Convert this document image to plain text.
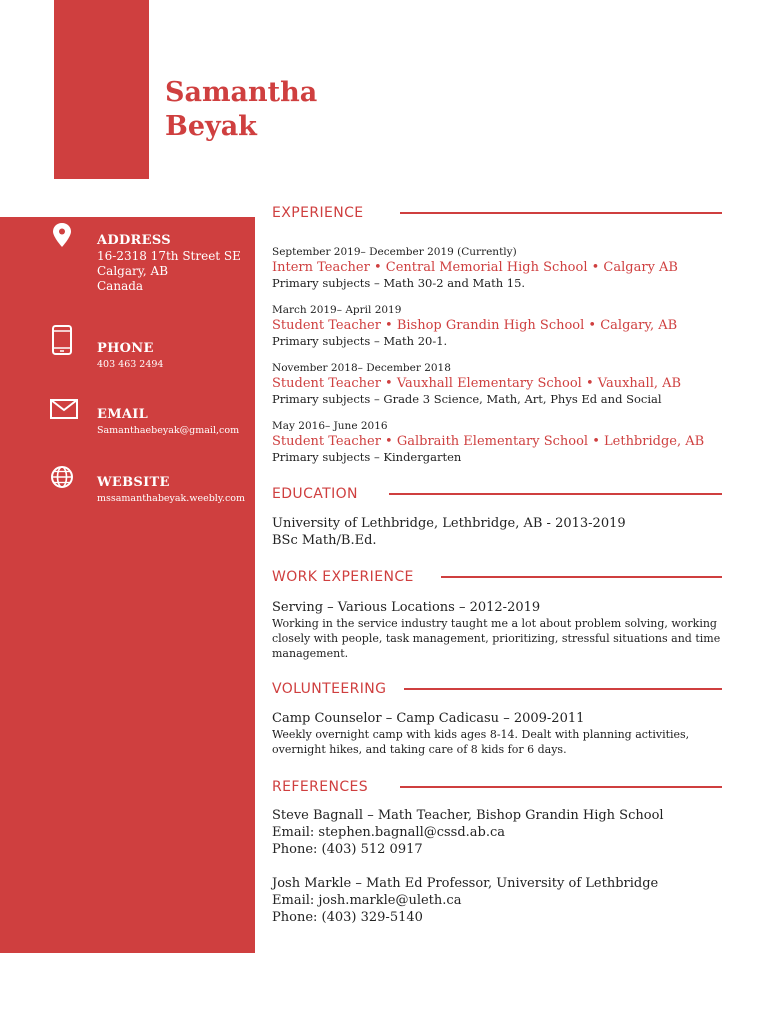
Samantha
Beyak
ADDRESS
16-2318 17th Street SE
Calgary, AB
Canada
PHONE
403 463 2494
EMAIL
Samanthaebeyak@gmail,com
WEBSITE
mssamanthabeyak.weebly.com
EXPERIENCE
September 2019– December 2019 (Currently)
Intern Teacher • Central Memorial High School • Calgary AB
Primary subjects – Math 30-2 and Math 15.
March 2019– April 2019
Student Teacher • Bishop Grandin High School • Calgary, AB
Primary subjects – Math 20-1.
November 2018– December 2018
Student Teacher • Vauxhall Elementary School • Vauxhall, AB
Primary subjects – Grade 3 Science, Math, Art, Phys Ed and Social
May 2016– June 2016
Student Teacher • Galbraith Elementary School • Lethbridge, AB
Primary subjects – Kindergarten
EDUCATION
University of Lethbridge, Lethbridge, AB - 2013-2019
BSc Math/B.Ed.
WORK EXPERIENCE
Serving – Various Locations – 2012-2019
Working in the service industry taught me a lot about problem solving, working closely with people, task management, prioritizing, stressful situations and time management.
VOLUNTEERING
Camp Counselor – Camp Cadicasu – 2009-2011
Weekly overnight camp with kids ages 8-14. Dealt with planning activities, overnight hikes, and taking care of 8 kids for 6 days.
REFERENCES
Steve Bagnall – Math Teacher, Bishop Grandin High School
Email: stephen.bagnall@cssd.ab.ca
Phone: (403) 512 0917
Josh Markle – Math Ed Professor, University of Lethbridge
Email: josh.markle@uleth.ca
Phone: (403) 329-5140
